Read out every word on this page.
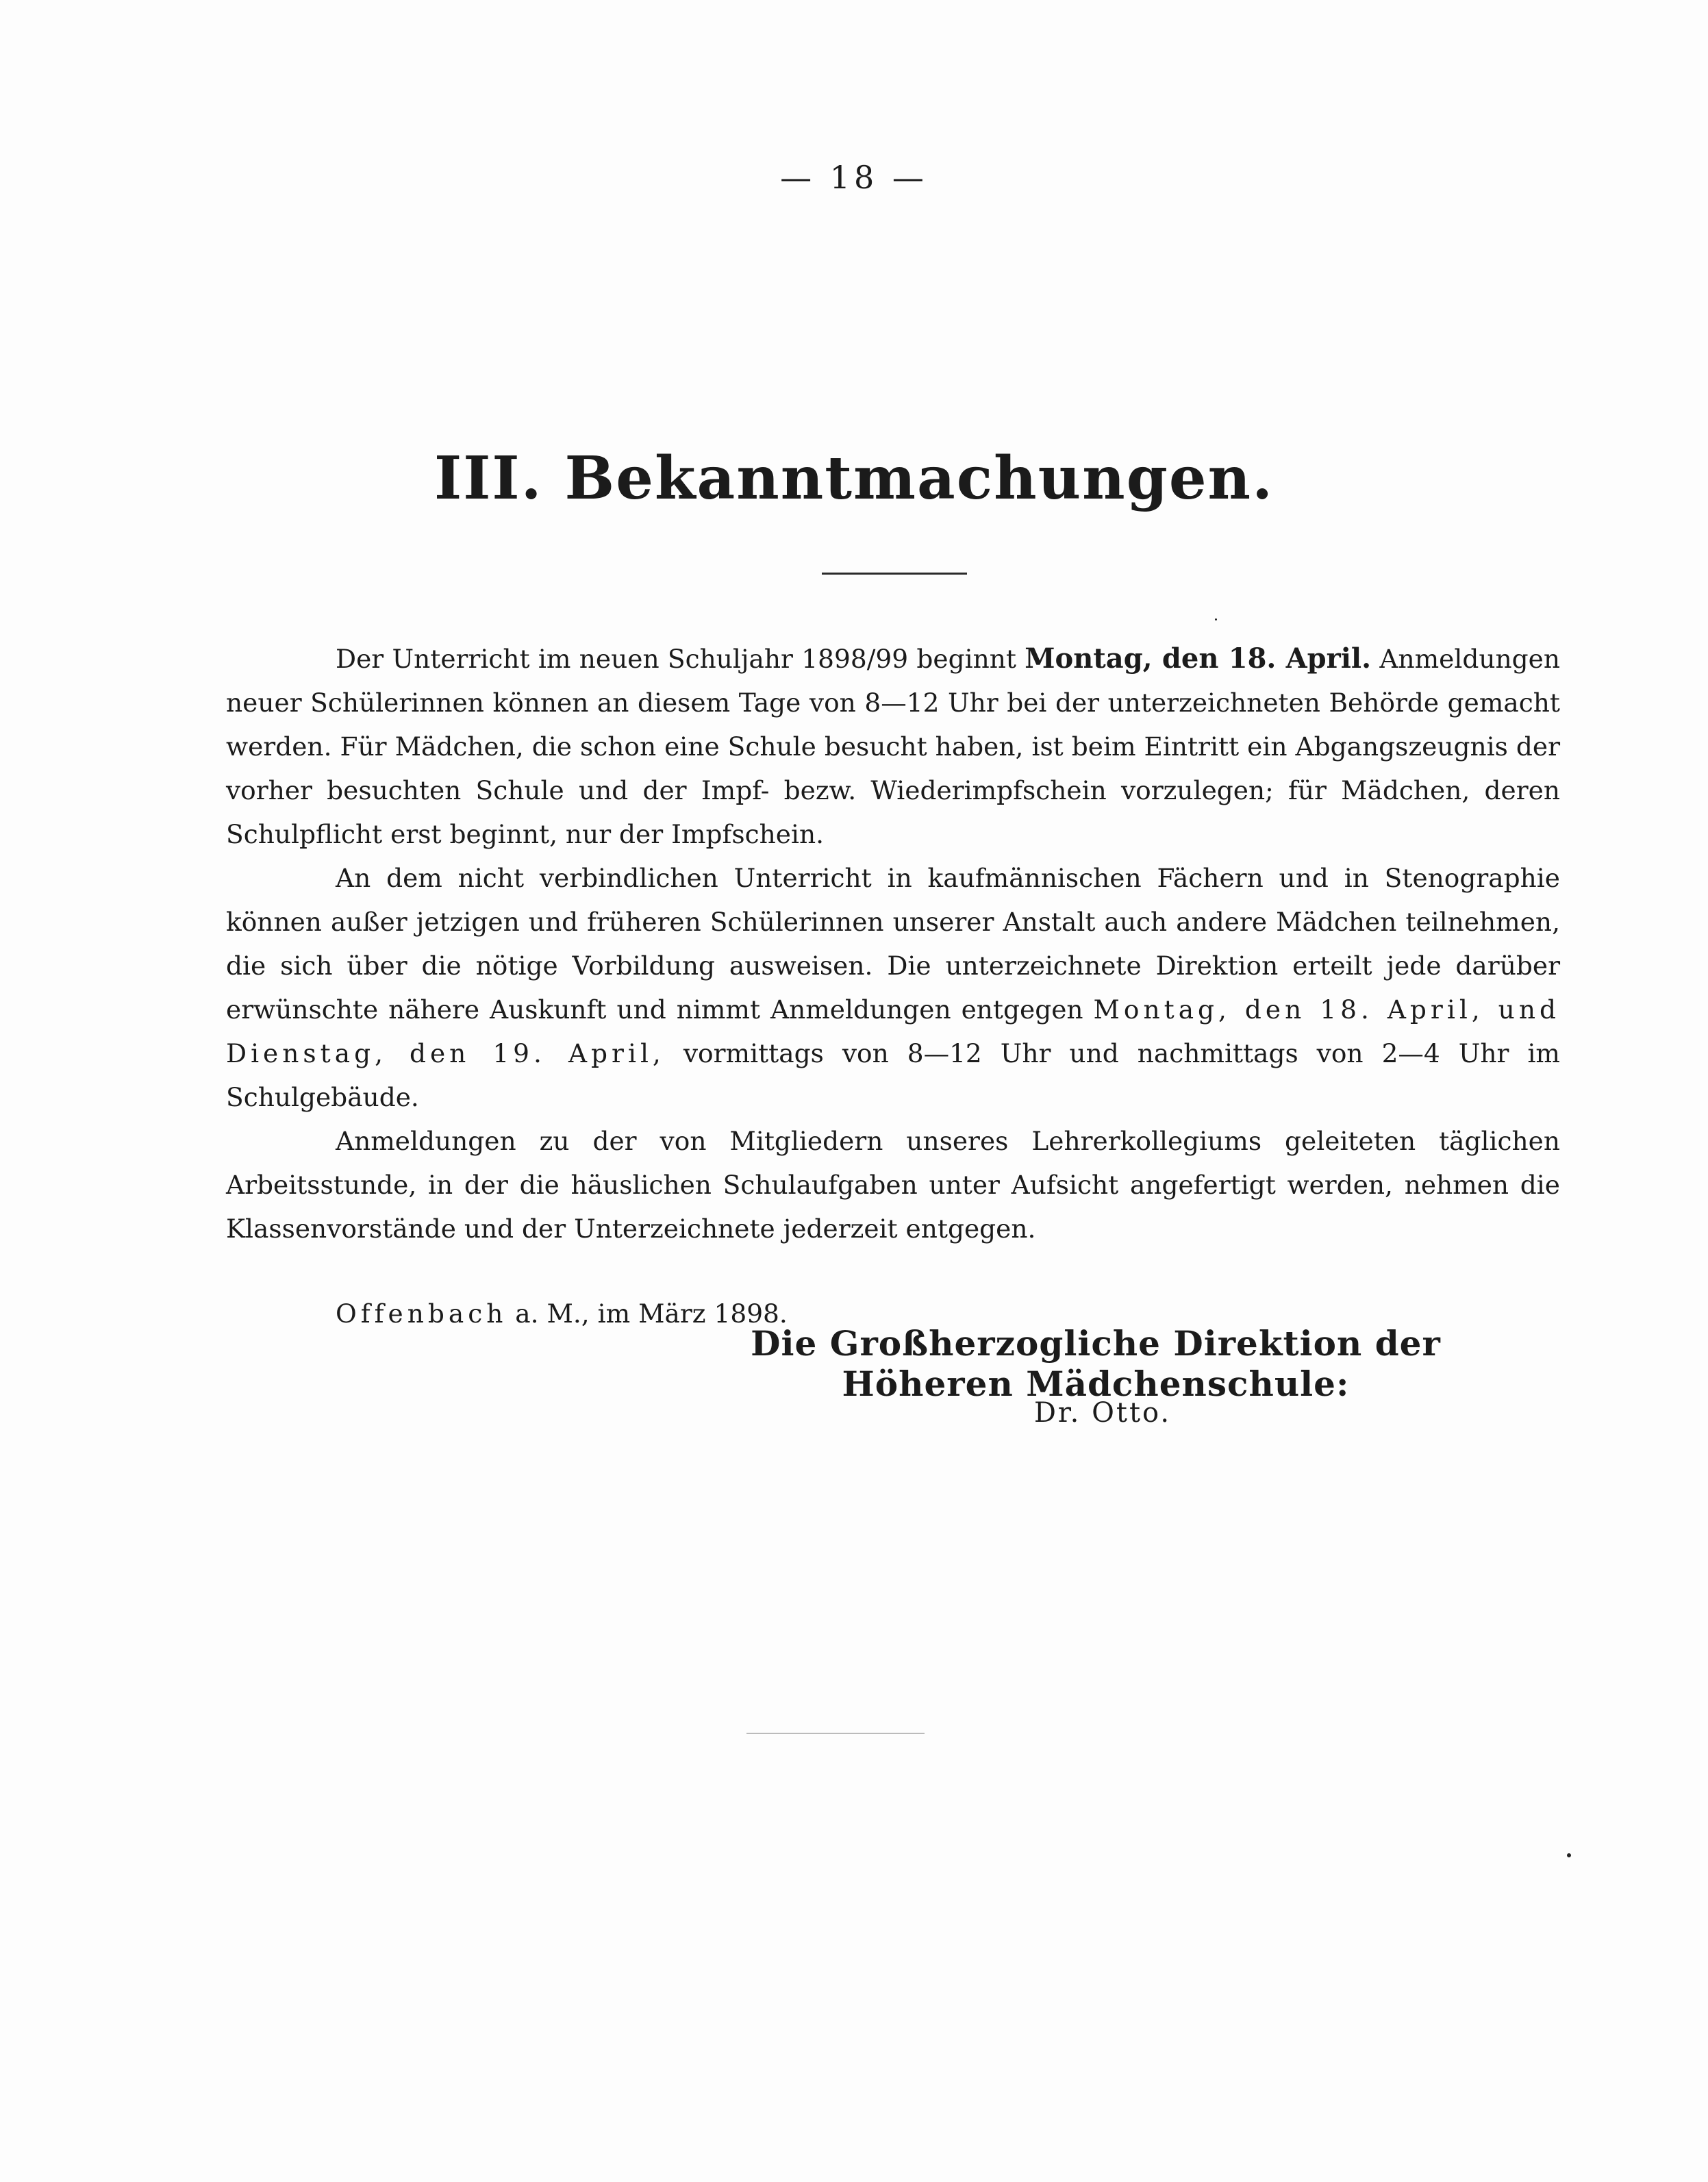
— 18 —
III. Bekanntmachungen.

Der Unterricht im neuen Schuljahr 1898/99 beginnt Montag, den 18. April. Anmeldungen neuer Schülerinnen können an diesem Tage von 8—12 Uhr bei der unterzeichneten Behörde gemacht werden. Für Mädchen, die schon eine Schule besucht haben, ist beim Eintritt ein Abgangszeugnis der vorher besuchten Schule und der Impf- bezw. Wiederimpfschein vorzulegen; für Mädchen, deren Schulpflicht erst beginnt, nur der Impfschein.

An dem nicht verbindlichen Unterricht in kaufmännischen Fächern und in Stenographie können außer jetzigen und früheren Schülerinnen unserer Anstalt auch andere Mädchen teilnehmen, die sich über die nötige Vorbildung ausweisen. Die unterzeichnete Direktion erteilt jede darüber erwünschte nähere Auskunft und nimmt Anmeldungen entgegen Montag, den 18. April, und Dienstag, den 19. April, vormittags von 8—12 Uhr und nachmittags von 2—4 Uhr im Schulgebäude.

Anmeldungen zu der von Mitgliedern unseres Lehrerkollegiums geleiteten täglichen Arbeitsstunde, in der die häuslichen Schulaufgaben unter Aufsicht angefertigt werden, nehmen die Klassenvorstände und der Unterzeichnete jederzeit entgegen.

Offenbach a. M., im März 1898.

Die Großherzogliche Direktion der Höheren Mädchenschule:
Dr. Otto.
